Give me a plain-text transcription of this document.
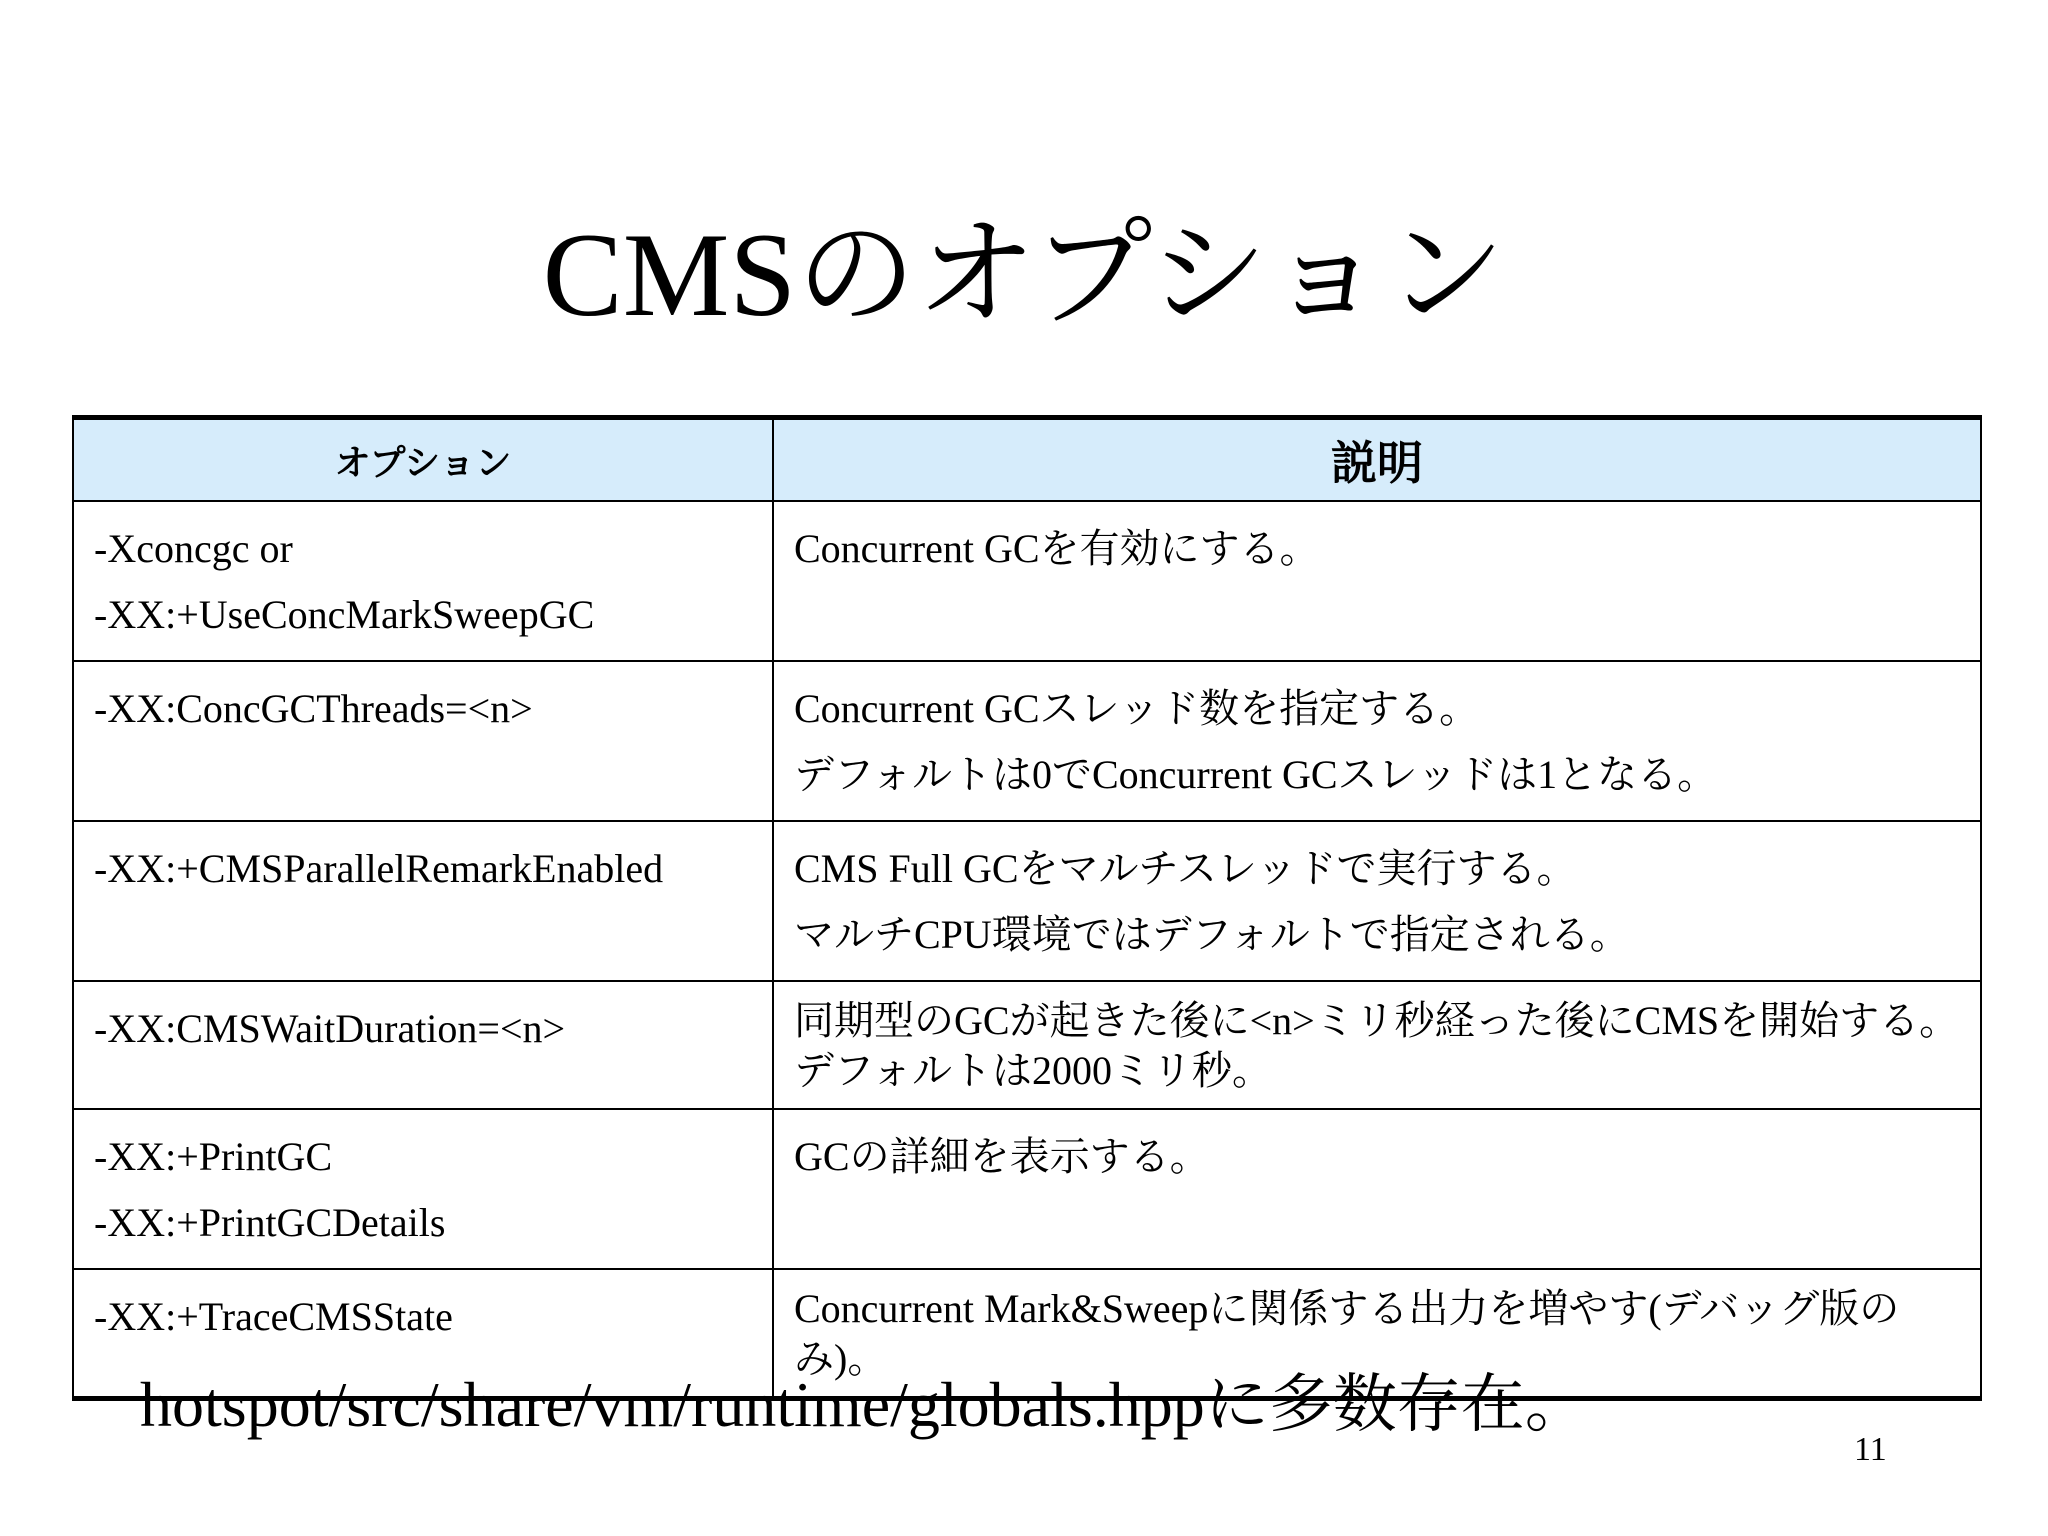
CMSのオプション
オプション	説明

-Xconcgc or
-XX:+UseConcMarkSweepGC	Concurrent GCを有効にする。

-XX:ConcGCThreads=<n>	Concurrent GCスレッド数を指定する。
デフォルトは0でConcurrent GCスレッドは1となる。

-XX:+CMSParallelRemarkEnabled	CMS Full GCをマルチスレッドで実行する。
マルチCPU環境ではデフォルトで指定される。

-XX:CMSWaitDuration=<n>	同期型のGCが起きた後に<n>ミリ秒経った後にCMSを開始する。デフォルトは2000ミリ秒。

-XX:+PrintGC
-XX:+PrintGCDetails	GCの詳細を表示する。

-XX:+TraceCMSState	Concurrent Mark&Sweepに関係する出力を増やす(デバッグ版のみ)。
hotspot/src/share/vm/runtime/globals.hppに多数存在。
11
